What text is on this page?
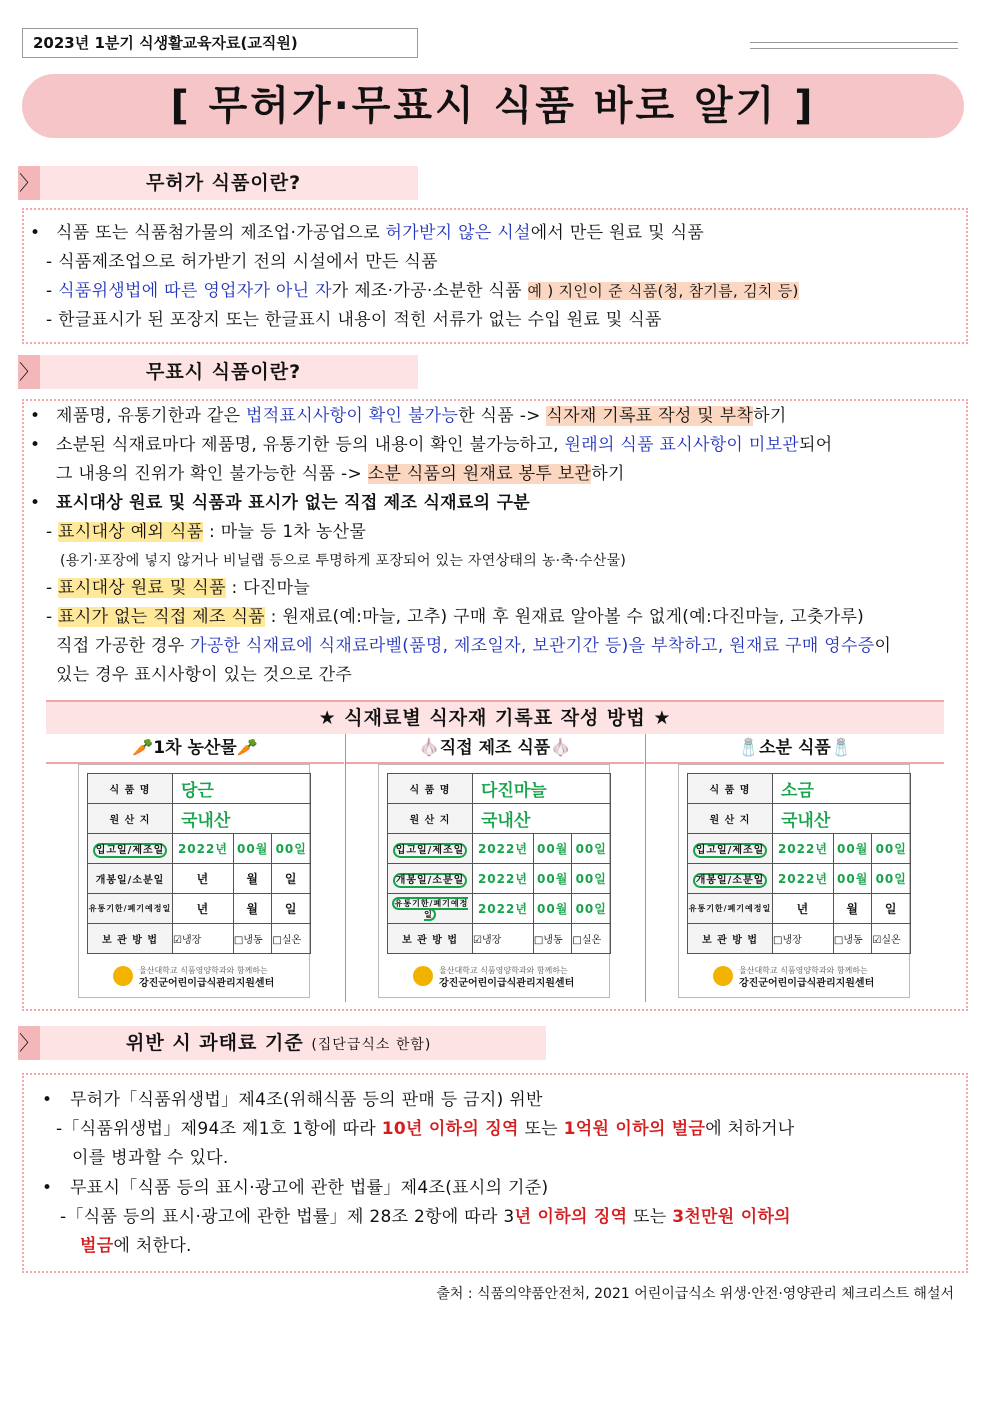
2023년 1분기 식생활교육자료(교직원)
[ 무허가·무표시 식품 바로 알기 ]
〉	무허가 식품이란?
• 식품 또는 식품첨가물의 제조업·가공업으로 허가받지 않은 시설에서 만든 원료 및 식품
- 식품제조업으로 허가받기 전의 시설에서 만든 식품
- 식품위생법에 따른 영업자가 아닌 자가 제조·가공·소분한 식품 예 ) 지인이 준 식품(청, 참기름, 김치 등)
- 한글표시가 된 포장지 또는 한글표시 내용이 적힌 서류가 없는 수입 원료 및 식품
〉	무표시 식품이란?
• 제품명, 유통기한과 같은 법적표시사항이 확인 불가능한 식품 -> 식자재 기록표 작성 및 부착하기
• 소분된 식재료마다 제품명, 유통기한 등의 내용이 확인 불가능하고, 원래의 식품 표시사항이 미보관되어
그 내용의 진위가 확인 불가능한 식품 -> 소분 식품의 원재료 봉투 보관하기
• 표시대상 원료 및 식품과 표시가 없는 직접 제조 식재료의 구분
- 표시대상 예외 식품 : 마늘 등 1차 농산물
(용기·포장에 넣지 않거나 비닐랩 등으로 투명하게 포장되어 있는 자연상태의 농·축·수산물)
- 표시대상 원료 및 식품 : 다진마늘
- 표시가 없는 직접 제조 식품 : 원재료(예:마늘, 고추) 구매 후 원재료 알아볼 수 없게(예:다진마늘, 고춧가루)
직접 가공한 경우 가공한 식재료에 식재료라벨(품명, 제조일자, 보관기간 등)을 부착하고, 원재료 구매 영수증이
있는 경우 표시사항이 있는 것으로 간주
★ 식재료별 식자재 기록표 작성 방법 ★
🥕1차 농산물🥕	🧄직접 제조 식품🧄	🧂소분 식품🧂
식 품 명	당근		
원 산 지	국내산		
입고일/제조일	2022년	00월	00일
개봉일/소분일	년	월	일
유통기한/폐기예정일	년	월	일
보 관 방 법	☑냉장	□냉동	□실온
울산대학교 식품영양학과와 함께하는
강진군어린이급식관리지원센터
식 품 명	다진마늘		
원 산 지	국내산		
입고일/제조일	2022년	00월	00일
개봉일/소분일	2022년	00월	00일
유통기한/폐기예정일	2022년	00월	00일
보 관 방 법	☑냉장	□냉동	□실온
울산대학교 식품영양학과와 함께하는
강진군어린이급식관리지원센터
식 품 명	소금		
원 산 지	국내산		
입고일/제조일	2022년	00월	00일
개봉일/소분일	2022년	00월	00일
유통기한/폐기예정일	년	월	일
보 관 방 법	□냉장	□냉동	☑실온
울산대학교 식품영양학과와 함께하는
강진군어린이급식관리지원센터
〉	위반 시 과태료 기준 (집단급식소 한함)
• 무허가「식품위생법」제4조(위해식품 등의 판매 등 금지) 위반
-「식품위생법」제94조 제1호 1항에 따라 10년 이하의 징역 또는 1억원 이하의 벌금에 처하거나
이를 병과할 수 있다.
• 무표시「식품 등의 표시·광고에 관한 법률」제4조(표시의 기준)
-「식품 등의 표시·광고에 관한 법률」제 28조 2항에 따라 3년 이하의 징역 또는 3천만원 이하의
벌금에 처한다.
출처 : 식품의약품안전처, 2021 어린이급식소 위생·안전·영양관리 체크리스트 해설서
